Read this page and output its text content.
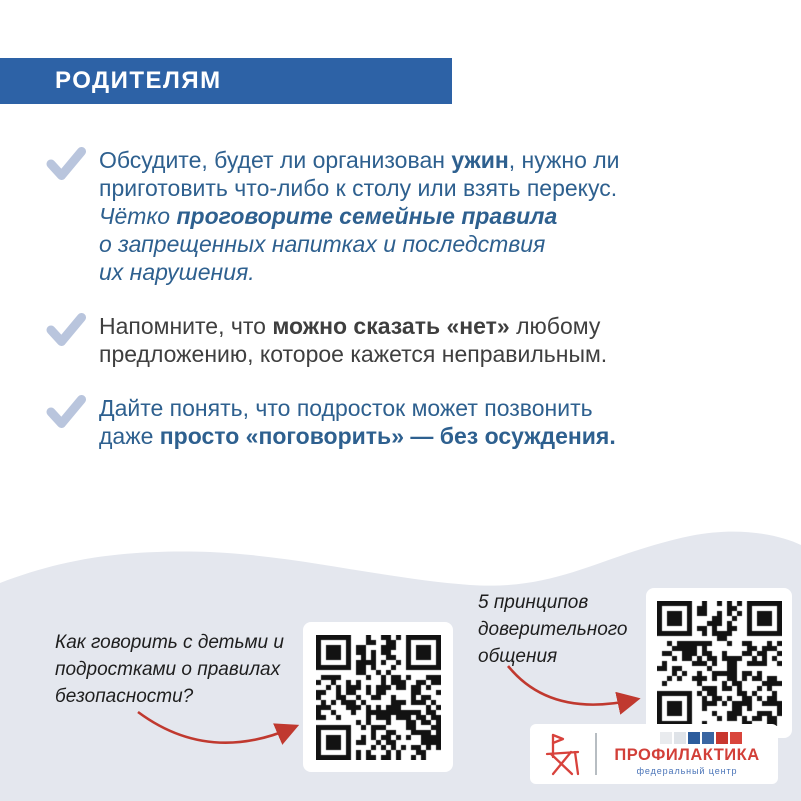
РОДИТЕЛЯМ
Обсудите, будет ли организован ужин, нужно ли
приготовить что-либо к столу или взять перекус.
Чётко проговорите семейные правила
о запрещенных напитках и последствия
их нарушения.
Напомните, что можно сказать «нет» любому
предложению, которое кажется неправильным.
Дайте понять, что подросток может позвонить
даже просто «поговорить» — без осуждения.
Как говорить с детьми и
подростками о правилах
безопасности?
5 принципов
доверительного
общения
ПРОФИЛАКТИКА
федеральный центр
